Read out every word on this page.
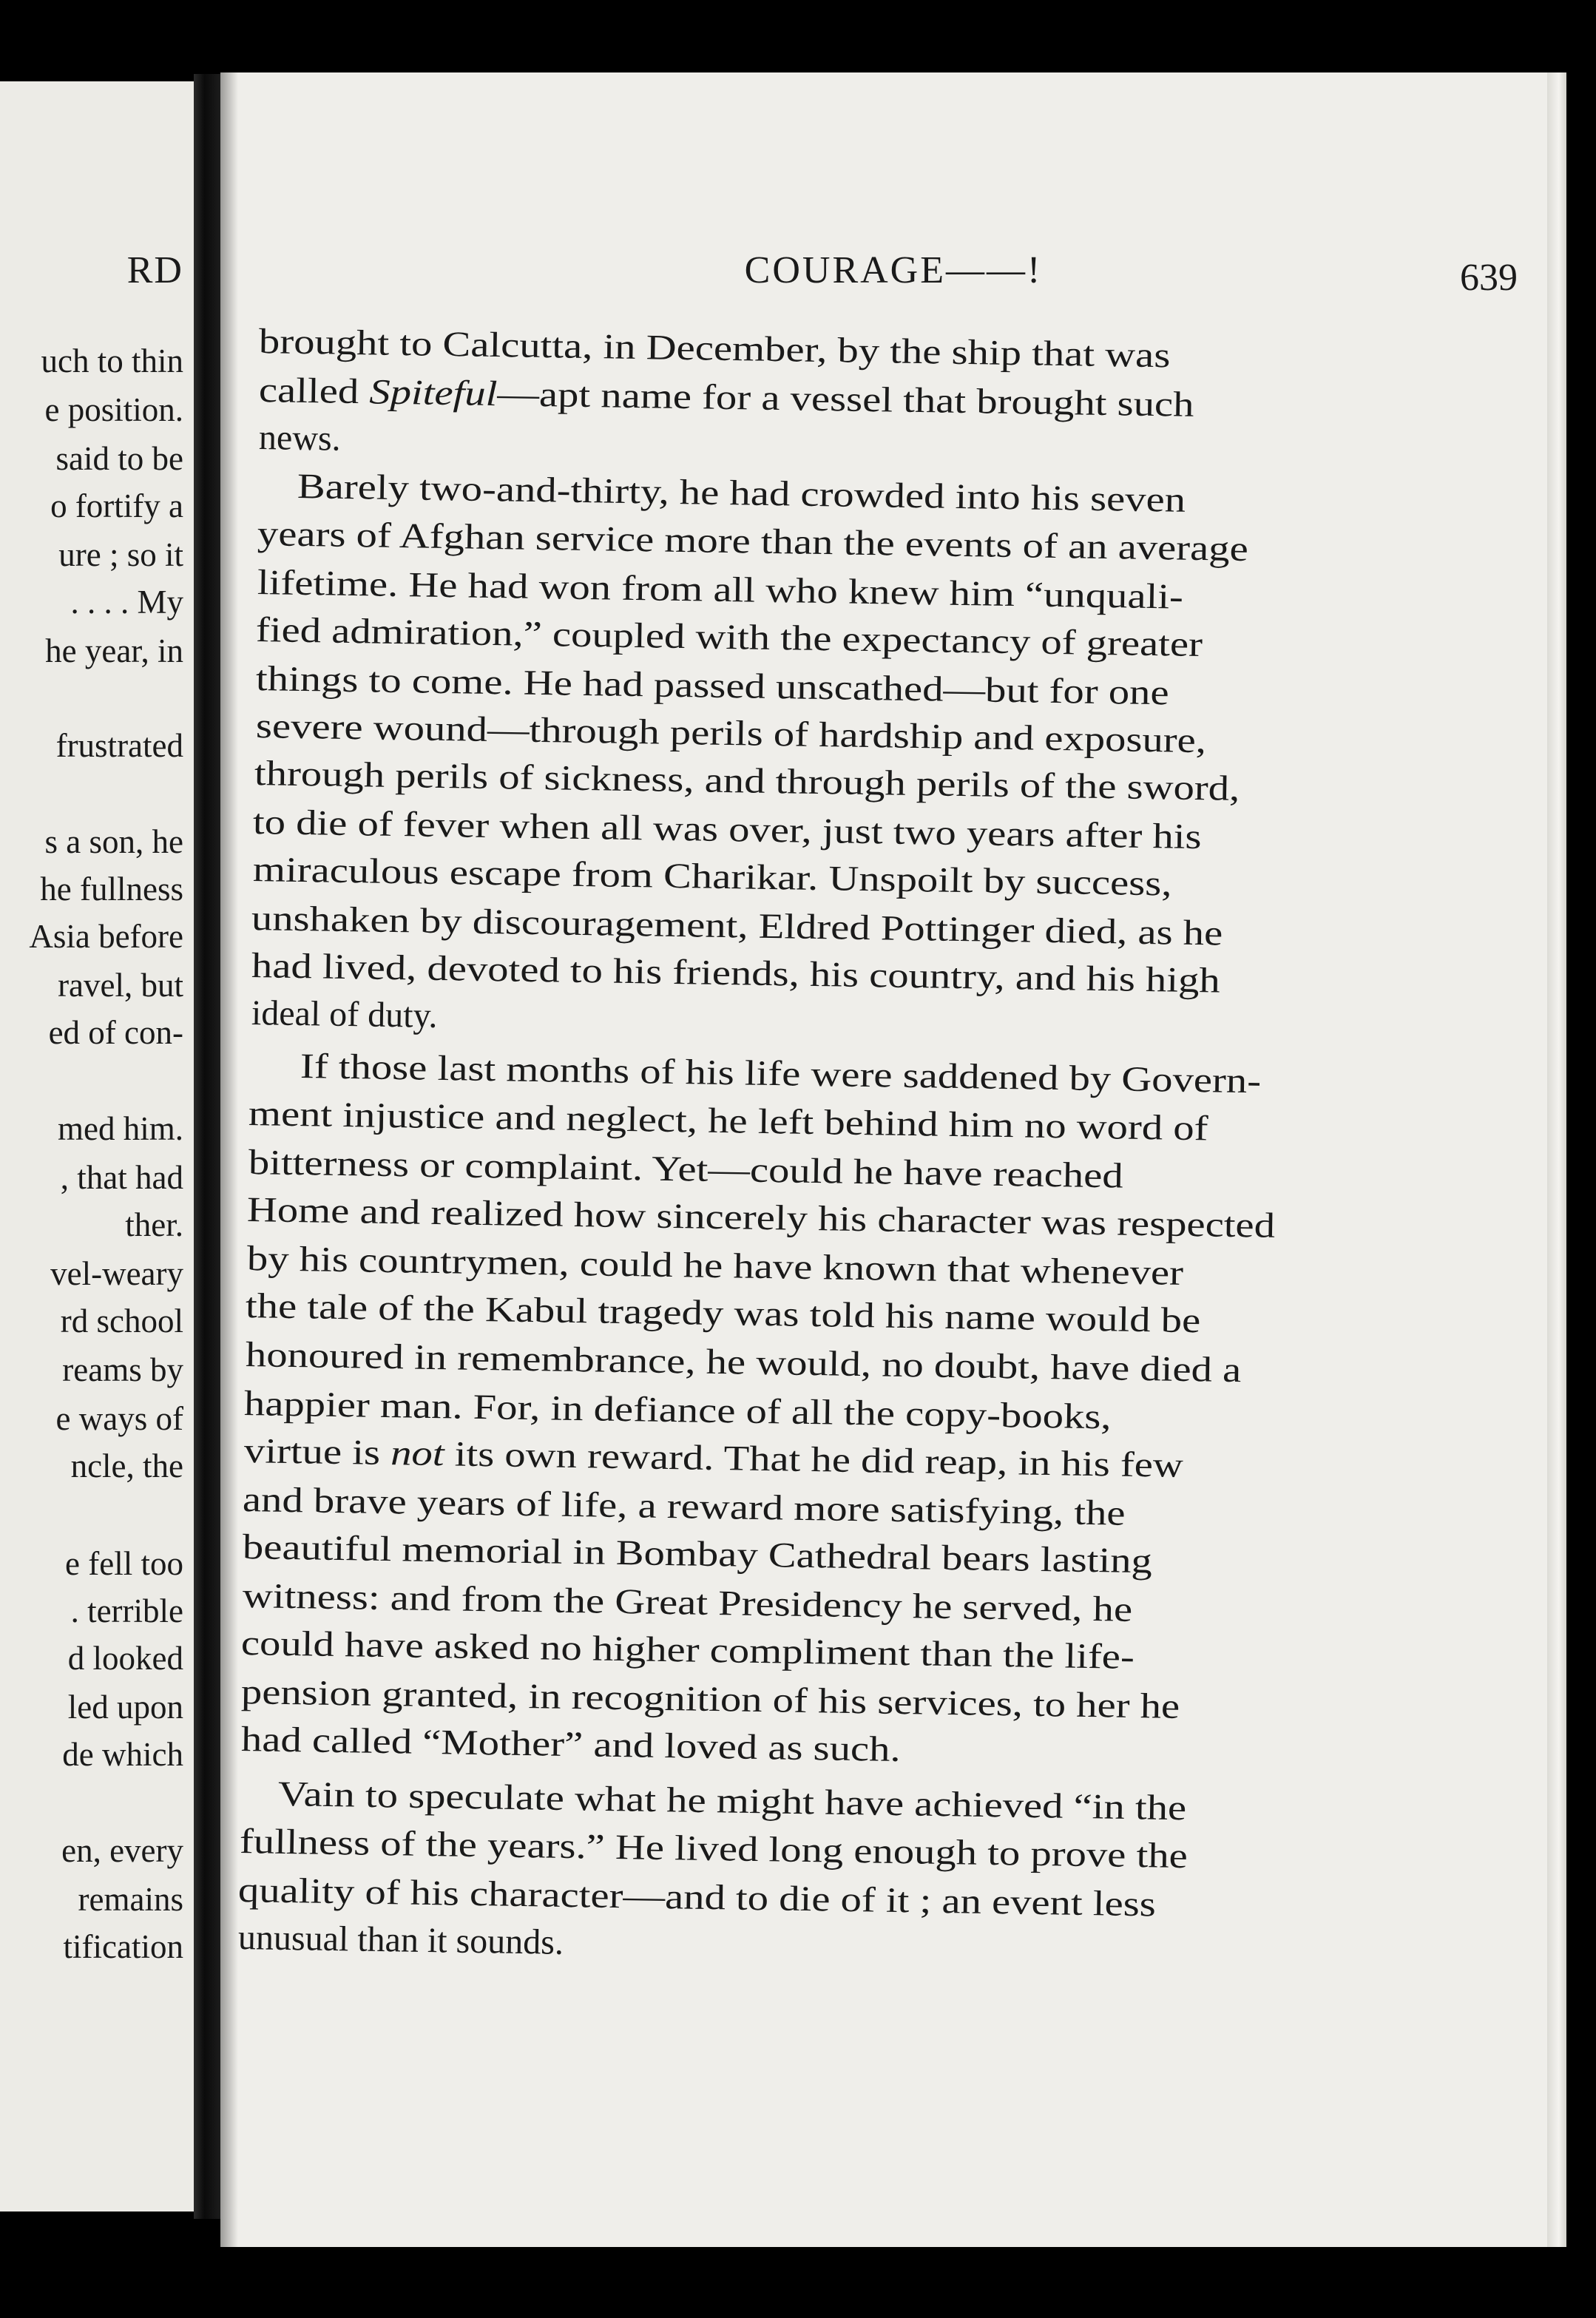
RD
uch to thin
e position.
said to be
o fortify a
ure ; so it
. . . . My
he year, in
frustrated
s a son, he
he fullness
Asia before
ravel, but
ed of con-
med him.
, that had
ther.
vel-weary
rd school
reams by
e ways of
ncle, the
e fell too
. terrible
d looked
led upon
de which
en, every
remains
tification
COURAGE——!	639
brought to Calcutta, in December, by the ship that was
called Spiteful—apt name for a vessel that brought such
news.
Barely two-and-thirty, he had crowded into his seven
years of Afghan service more than the events of an average
lifetime. He had won from all who knew him “unquali-
fied admiration,” coupled with the expectancy of greater
things to come. He had passed unscathed—but for one
severe wound—through perils of hardship and exposure,
through perils of sickness, and through perils of the sword,
to die of fever when all was over, just two years after his
miraculous escape from Charikar. Unspoilt by success,
unshaken by discouragement, Eldred Pottinger died, as he
had lived, devoted to his friends, his country, and his high
ideal of duty.
If those last months of his life were saddened by Govern-
ment injustice and neglect, he left behind him no word of
bitterness or complaint. Yet—could he have reached
Home and realized how sincerely his character was respected
by his countrymen, could he have known that whenever
the tale of the Kabul tragedy was told his name would be
honoured in remembrance, he would, no doubt, have died a
happier man. For, in defiance of all the copy-books,
virtue is not its own reward. That he did reap, in his few
and brave years of life, a reward more satisfying, the
beautiful memorial in Bombay Cathedral bears lasting
witness: and from the Great Presidency he served, he
could have asked no higher compliment than the life-
pension granted, in recognition of his services, to her he
had called “Mother” and loved as such.
Vain to speculate what he might have achieved “in the
fullness of the years.” He lived long enough to prove the
quality of his character—and to die of it ; an event less
unusual than it sounds.
